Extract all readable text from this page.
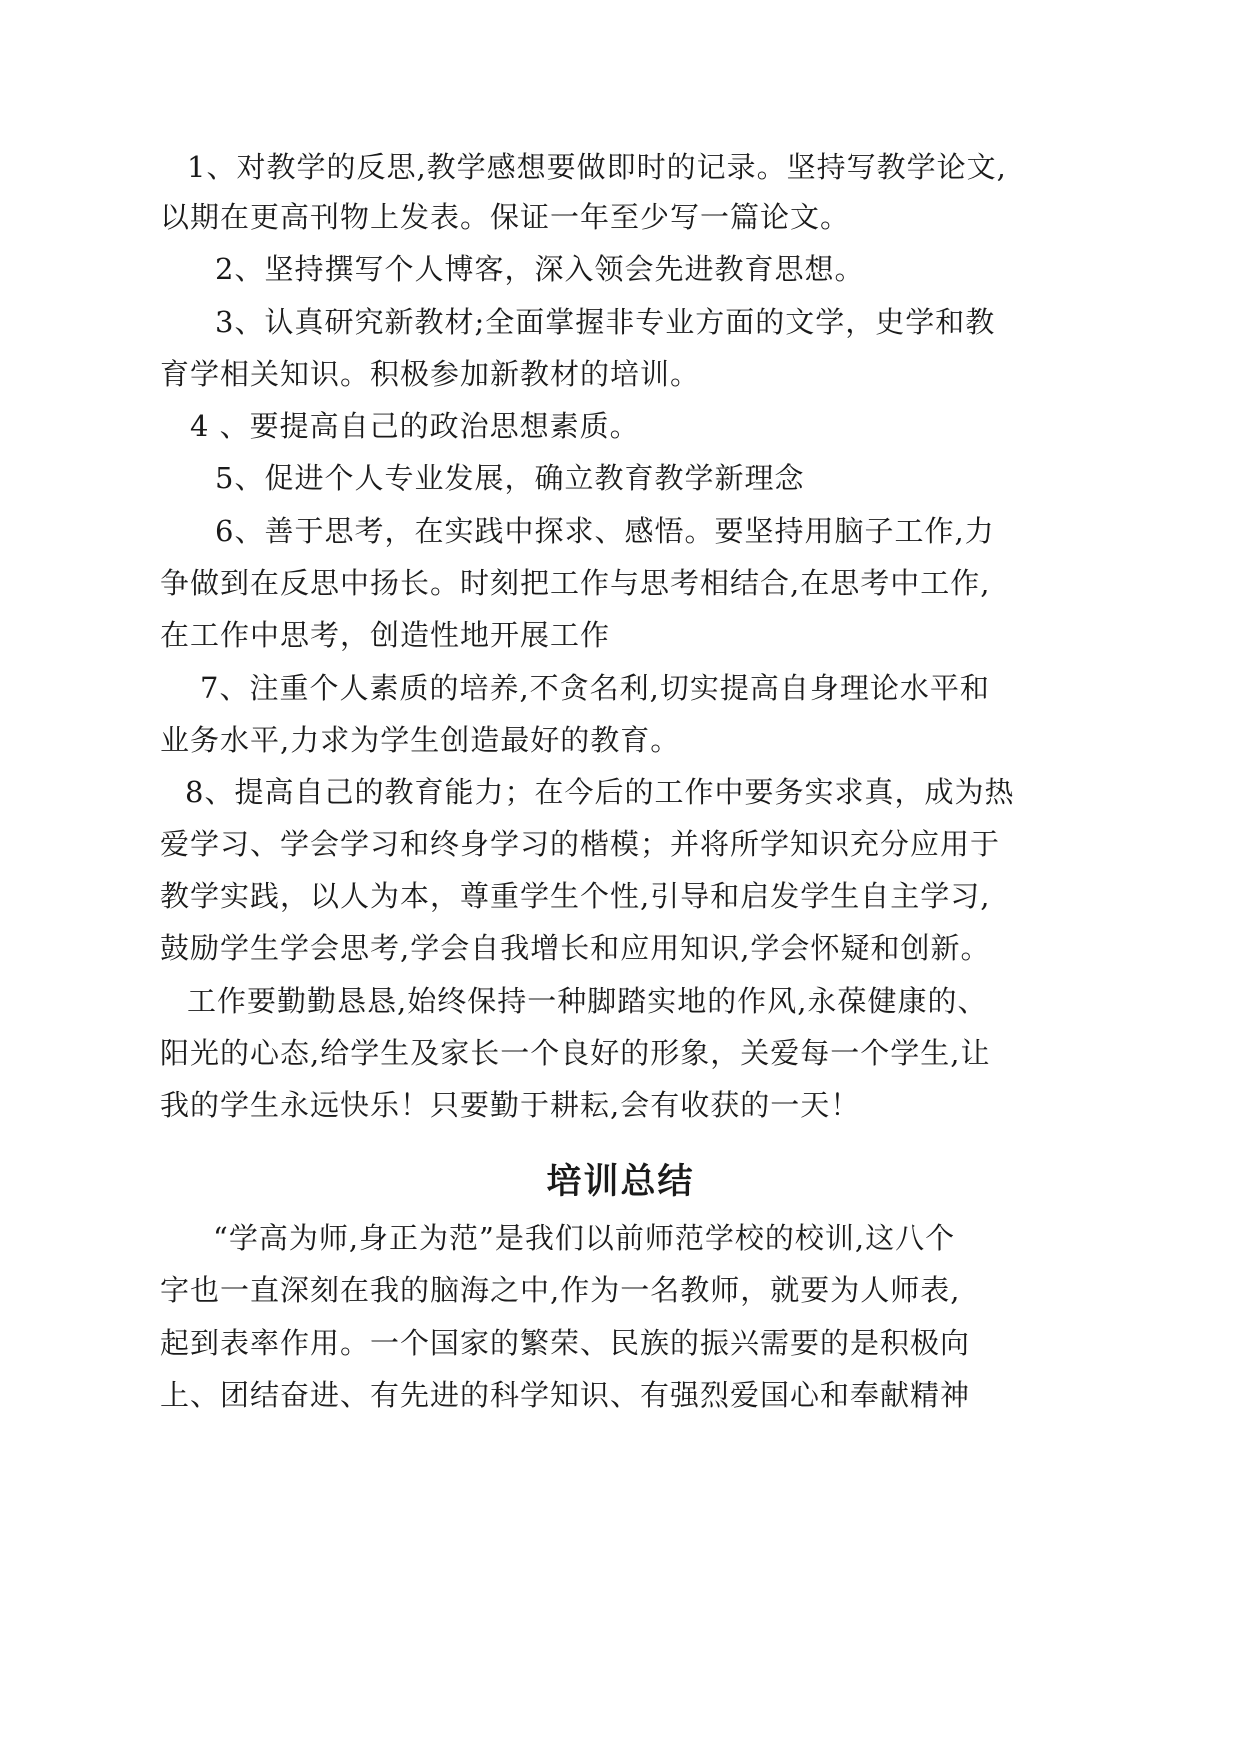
1、对教学的反思,教学感想要做即时的记录。坚持写教学论文,

以期在更高刊物上发表。保证一年至少写一篇论文。

2、坚持撰写个人博客，深入领会先进教育思想。

3、认真研究新教材;全面掌握非专业方面的文学，史学和教

育学相关知识。积极参加新教材的培训。

4 、要提高自己的政治思想素质。

5、促进个人专业发展，确立教育教学新理念

6、善于思考，在实践中探求、感悟。要坚持用脑子工作,力

争做到在反思中扬长。时刻把工作与思考相结合,在思考中工作,

在工作中思考，创造性地开展工作

7、注重个人素质的培养,不贪名利,切实提高自身理论水平和

业务水平,力求为学生创造最好的教育。

8、提高自己的教育能力；在今后的工作中要务实求真，成为热

爱学习、学会学习和终身学习的楷模；并将所学知识充分应用于

教学实践，以人为本，尊重学生个性,引导和启发学生自主学习,

鼓励学生学会思考,学会自我增长和应用知识,学会怀疑和创新。

工作要勤勤恳恳,始终保持一种脚踏实地的作风,永葆健康的、

阳光的心态,给学生及家长一个良好的形象，关爱每一个学生,让

我的学生永远快乐！只要勤于耕耘,会有收获的一天！

培训总结

“学高为师,身正为范”是我们以前师范学校的校训,这八个

字也一直深刻在我的脑海之中,作为一名教师，就要为人师表,

起到表率作用。一个国家的繁荣、民族的振兴需要的是积极向

上、团结奋进、有先进的科学知识、有强烈爱国心和奉献精神
